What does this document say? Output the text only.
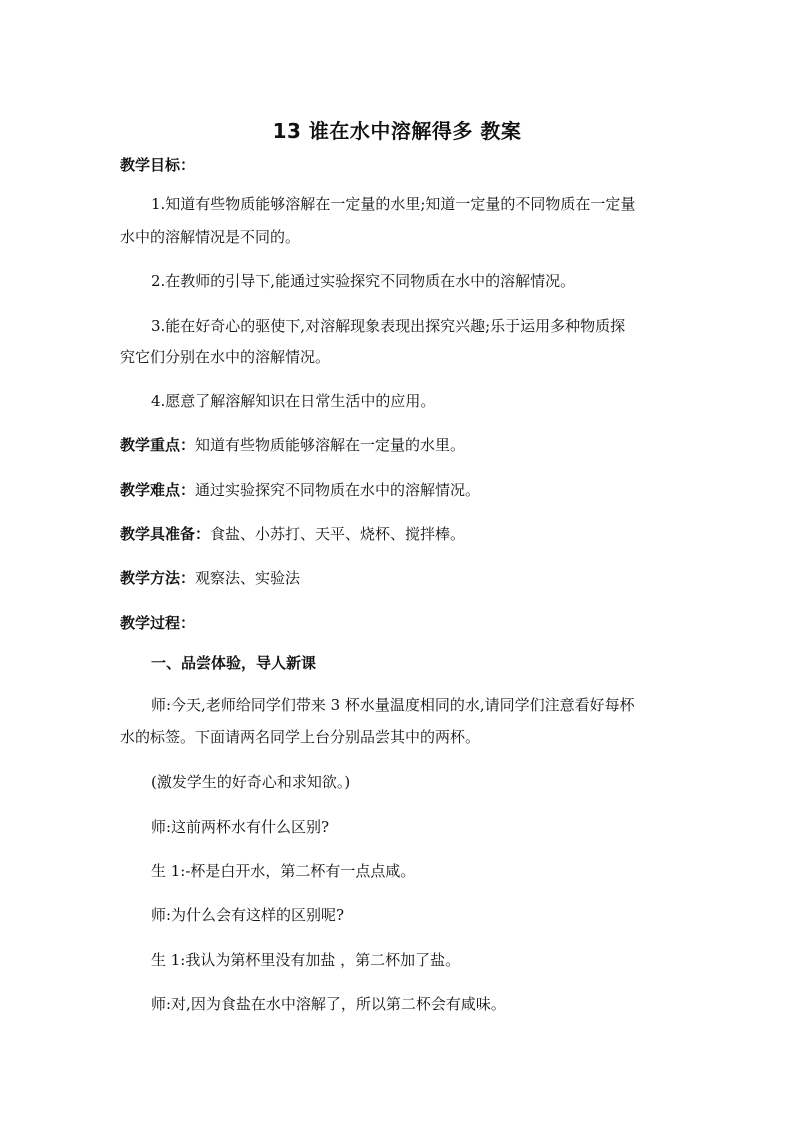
13 谁在水中溶解得多 教案
教学目标：
1.知道有些物质能够溶解在一定量的水里;知道一定量的不同物质在一定量
水中的溶解情况是不同的。
2.在教师的引导下,能通过实验探究不同物质在水中的溶解情况。
3.能在好奇心的驱使下,对溶解现象表现出探究兴趣;乐于运用多种物质探
究它们分别在水中的溶解情况。
4.愿意了解溶解知识在日常生活中的应用。
教学重点：知道有些物质能够溶解在一定量的水里。
教学难点：通过实验探究不同物质在水中的溶解情况。
教学具准备：食盐、小苏打、天平、烧杯、搅拌棒。
教学方法：观察法、实验法
教学过程：
一、品尝体验，导人新课
师:今天,老师给同学们带来 3 杯水量温度相同的水,请同学们注意看好每杯
水的标签。下面请两名同学上台分别品尝其中的两杯。
(激发学生的好奇心和求知欲。)
师:这前两杯水有什么区别?
生 1:-杯是白开水，第二杯有一点点咸。
师:为什么会有这样的区别呢?
生 1:我认为第杯里没有加盐 ，第二杯加了盐。
师:对,因为食盐在水中溶解了，所以第二杯会有咸味。
